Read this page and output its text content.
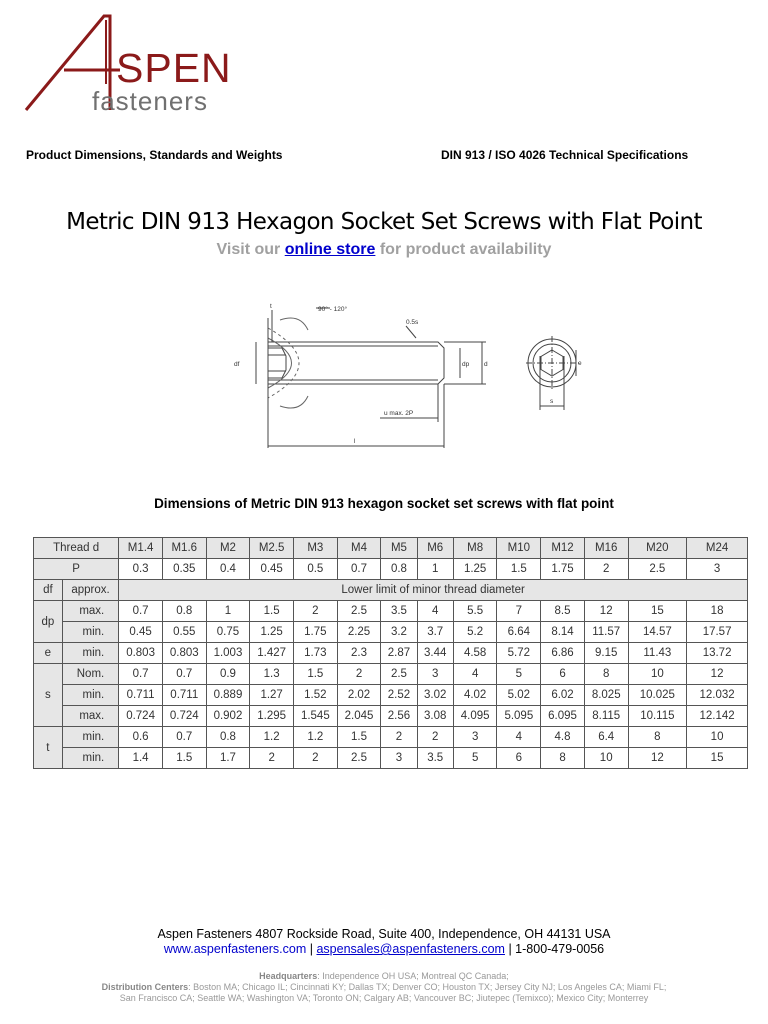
SPEN
fasteners
Product Dimensions, Standards and Weights	DIN 913 / ISO 4026 Technical Specifications
Metric DIN 913 Hexagon Socket Set Screws with Flat Point
Visit our online store for product availability
90° - 120°
t
0.5s
df	dp d
u max. 2P
l
s
e
Dimensions of Metric DIN 913 hexagon socket set screws with flat point
Thread d		M1.4	M1.6	M2	M2.5	M3	M4	M5	M6	M8	M10	M12	M16	M20	M24
P		0.3	0.35	0.4	0.45	0.5	0.7	0.8	1	1.25	1.5	1.75	2	2.5	3
df	approx.	Lower limit of minor thread diameter													
dp	max.	0.7	0.8	1	1.5	2	2.5	3.5	4	5.5	7	8.5	12	15	18
	min.	0.45	0.55	0.75	1.25	1.75	2.25	3.2	3.7	5.2	6.64	8.14	11.57	14.57	17.57
e	min.	0.803	0.803	1.003	1.427	1.73	2.3	2.87	3.44	4.58	5.72	6.86	9.15	11.43	13.72
s	Nom.	0.7	0.7	0.9	1.3	1.5	2	2.5	3	4	5	6	8	10	12
	min.	0.711	0.711	0.889	1.27	1.52	2.02	2.52	3.02	4.02	5.02	6.02	8.025	10.025	12.032
	max.	0.724	0.724	0.902	1.295	1.545	2.045	2.56	3.08	4.095	5.095	6.095	8.115	10.115	12.142
t	min.	0.6	0.7	0.8	1.2	1.2	1.5	2	2	3	4	4.8	6.4	8	10
	min.	1.4	1.5	1.7	2	2	2.5	3	3.5	5	6	8	10	12	15
Aspen Fasteners 4807 Rockside Road, Suite 400, Independence, OH 44131 USA
www.aspenfasteners.com | aspensales@aspenfasteners.com | 1-800-479-0056
Headquarters: Independence OH USA; Montreal QC Canada;
Distribution Centers: Boston MA; Chicago IL; Cincinnati KY; Dallas TX; Denver CO; Houston TX; Jersey City NJ; Los Angeles CA; Miami FL;
San Francisco CA; Seattle WA; Washington VA; Toronto ON; Calgary AB; Vancouver BC; Jiutepec (Temixco); Mexico City; Monterrey
